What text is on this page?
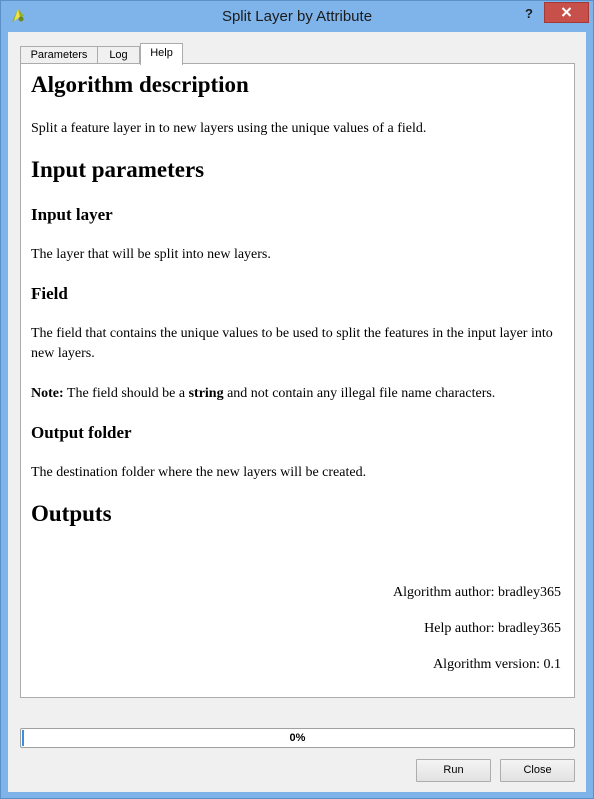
Split Layer by Attribute	?
Parameters	Log	Help
Algorithm description
Split a feature layer in to new layers using the unique values of a field.
Input parameters
Input layer
The layer that will be split into new layers.
Field
The field that contains the unique values to be used to split the features in the input layer into new layers.
Note: The field should be a string and not contain any illegal file name characters.
Output folder
The destination folder where the new layers will be created.
Outputs
Algorithm author: bradley365
Help author: bradley365
Algorithm version: 0.1
0%
Run	Close
